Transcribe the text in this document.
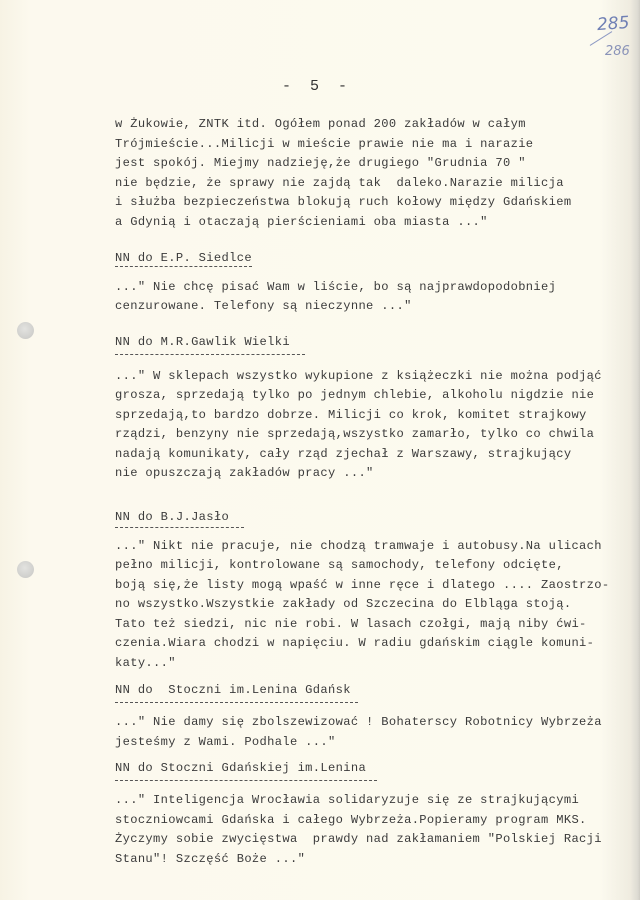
285
286
- 5 -
w Żukowie, ZNTK itd. Ogółem ponad 200 zakładów w całym
Trójmieście...Milicji w mieście prawie nie ma i narazie
jest spokój. Miejmy nadzieję,że drugiego "Grudnia 70 "
nie będzie, że sprawy nie zajdą tak  daleko.Narazie milicja
i służba bezpieczeństwa blokują ruch kołowy między Gdańskiem
a Gdynią i otaczają pierścieniami oba miasta ..."
NN do E.P. Siedlce
..." Nie chcę pisać Wam w liście, bo są najprawdopodobniej
cenzurowane. Telefony są nieczynne ..."
NN do M.R.Gawlik Wielki
..." W sklepach wszystko wykupione z książeczki nie można podjąć
grosza, sprzedają tylko po jednym chlebie, alkoholu nigdzie nie
sprzedają,to bardzo dobrze. Milicji co krok, komitet strajkowy
rządzi, benzyny nie sprzedają,wszystko zamarło, tylko co chwila
nadają komunikaty, cały rząd zjechał z Warszawy, strajkujący
nie opuszczają zakładów pracy ..."
NN do B.J.Jasło
..." Nikt nie pracuje, nie chodzą tramwaje i autobusy.Na ulicach
pełno milicji, kontrolowane są samochody, telefony odcięte,
boją się,że listy mogą wpaść w inne ręce i dlatego .... Zaostrzo-
no wszystko.Wszystkie zakłady od Szczecina do Elbląga stoją.
Tato też siedzi, nic nie robi. W lasach czołgi, mają niby ćwi-
czenia.Wiara chodzi w napięciu. W radiu gdańskim ciągle komuni-
katy..."
NN do  Stoczni im.Lenina Gdańsk
..." Nie damy się zbolszewizować ! Bohaterscy Robotnicy Wybrzeża
jesteśmy z Wami. Podhale ..."
NN do Stoczni Gdańskiej im.Lenina
..." Inteligencja Wrocławia solidaryzuje się ze strajkującymi
stoczniowcami Gdańska i całego Wybrzeża.Popieramy program MKS.
Życzymy sobie zwycięstwa  prawdy nad zakłamaniem "Polskiej Racji
Stanu"! Szczęść Boże ..."
